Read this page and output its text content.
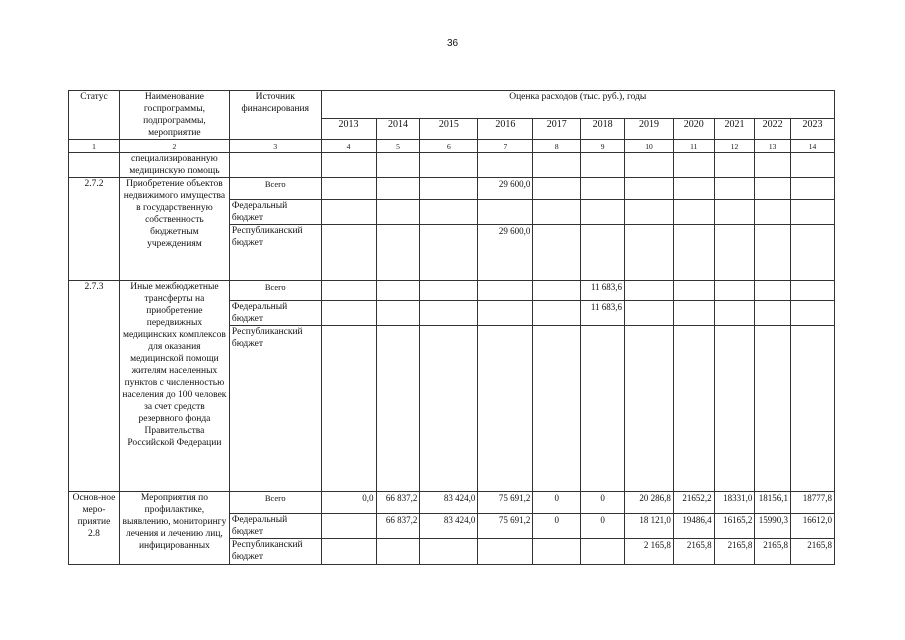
36
Статус	Наименование госпрограммы, подпрограммы, мероприятие	Источник финансирования	Оценка расходов (тыс. руб.), годы										
			2013	2014	2015	2016	2017	2018	2019	2020	2021	2022	2023
1	2	3	4	5	6	7	8	9	10	11	12	13	14
	специализированную медицинскую помощь												
2.7.2	Приобретение объектов недвижимого имущества в государственную собственность бюджетным учреждениям	Всего				29 600,0							
		Федеральный бюджет											
		Республиканский бюджет				29 600,0							
2.7.3	Иные межбюджетные трансферты на приобретение передвижных медицинских комплексов для оказания медицинской помощи жителям населенных пунктов с численностью населения до 100 человек за счет средств резервного фонда Правительства Российской Федерации	Всего						11 683,6					
		Федеральный бюджет						11 683,6					
		Республиканский бюджет											
Основ-ное меро-приятие 2.8	Мероприятия по профилактике, выявлению, мониторингу лечения и лечению лиц, инфицированных	Всего	0,0	66 837,2	83 424,0	75 691,2	0	0	20 286,8	21652,2	18331,0	18156,1	18777,8
		Федеральный бюджет		66 837,2	83 424,0	75 691,2	0	0	18 121,0	19486,4	16165,2	15990,3	16612,0
		Республиканский бюджет							2 165,8	2165,8	2165,8	2165,8	2165,8
